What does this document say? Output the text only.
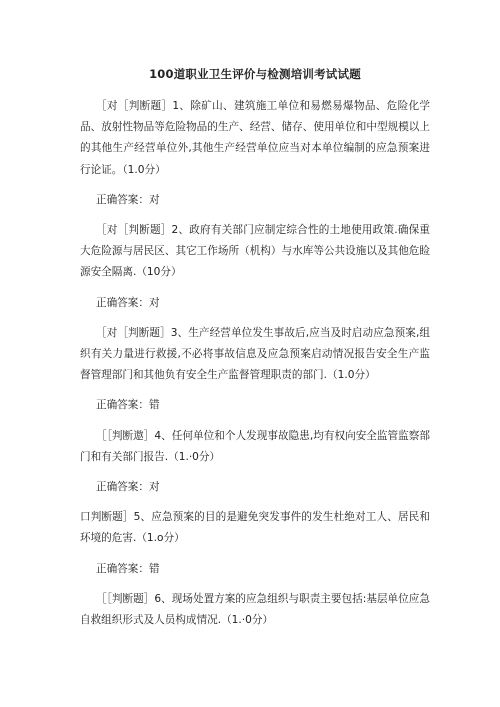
100道职业卫生评价与检测培训考试试题

［对［判断题］1、除矿山、建筑施工单位和易燃易爆物品、危险化学品、放射性物品等危险物品的生产、经营、储存、使用单位和中型规模以上的其他生产经营单位外,其他生产经营单位应当对本单位编制的应急预案进行论证。（1.0分）

正确答案：对

［对［判断题］2、政府有关部门应制定综合性的土地使用政策.确保重大危险源与居民区、其它工作场所（机构）与水库等公共设施以及其他危睑源安全隔离.（10分）

正确答案：对

［对［判断题］3、生产经营单位发生事故后,应当及时启动应急预案,组织有关力量进行救援,不必将事故信息及应急预案启动情况报告安全生产监督管理部门和其他负有安全生产监督管理职责的部门.（1.0分）

正确答案：错

［［判断遨］4、任何单位和个人发现事故隐患,均有权向安全监管监察部门和有关部门报告.（1.·0分）

正确答案：对

口判断题］5、应急预案的目的是避免突发事件的发生杜绝对工人、居民和环境的危害.（1.o分）

正确答案：错

［［判断题］6、现场处置方案的应急组织与职责主要包括:基层单位应急自救组织形式及人员构成情况.（1.·0分）
